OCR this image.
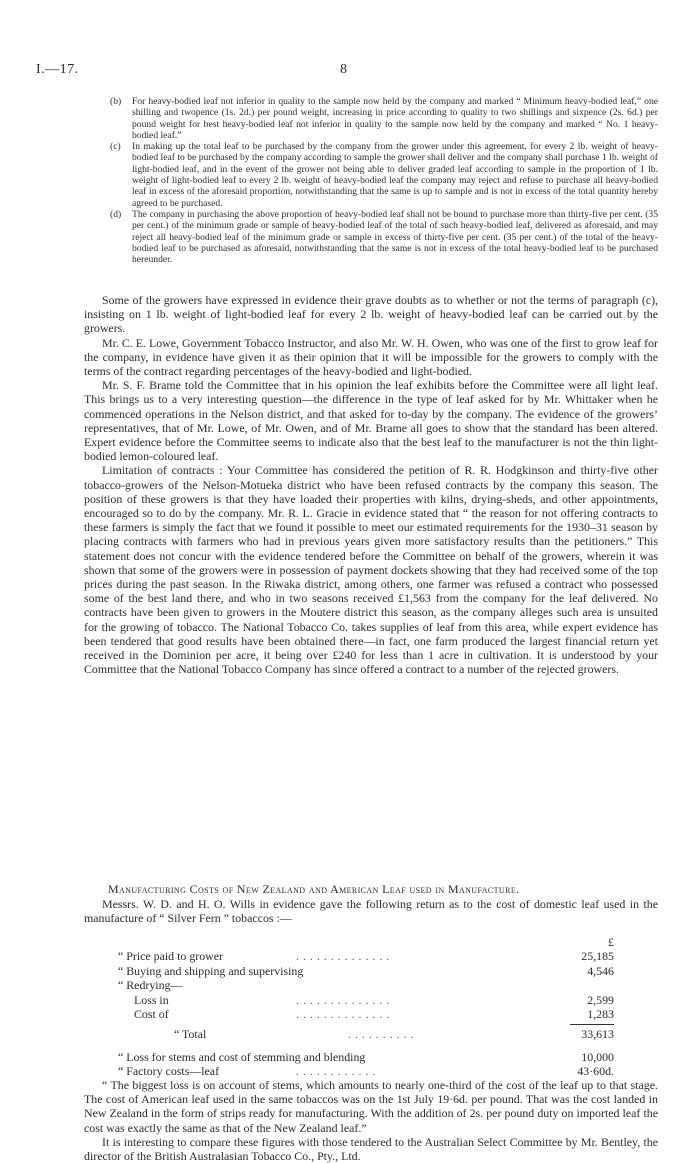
I.—17.	8

(b) For heavy-bodied leaf not inferior in quality to the sample now held by the company and marked “ Minimum heavy-bodied leaf,” one shilling and twopence (1s. 2d.) per pound weight, increasing in price according to quality to two shillings and sixpence (2s. 6d.) per pound weight for best heavy-bodied leaf not inferior in quality to the sample now held by the company and marked “ No. 1 heavy-bodied leaf.”

(c) In making up the total leaf to be purchased by the company from the grower under this agreement, for every 2 lb. weight of heavy-bodied leaf to be purchased by the company according to sample the grower shall deliver and the company shall purchase 1 lb. weight of light-bodied leaf, and in the event of the grower not being able to deliver graded leaf according to sample in the proportion of 1 lb. weight of light-bodied leaf to every 2 lb. weight of heavy-bodied leaf the company may reject and refuse to purchase all heavy-bodied leaf in excess of the aforesaid proportion, notwithstanding that the same is up to sample and is not in excess of the total quantity hereby agreed to be purchased.

(d) The company in purchasing the above proportion of heavy-bodied leaf shall not be bound to purchase more than thirty-five per cent. (35 per cent.) of the minimum grade or sample of heavy-bodied leaf of the total of such heavy-bodied leaf, delivered as aforesaid, and may reject all heavy-bodied leaf of the minimum grade or sample in excess of thirty-five per cent. (35 per cent.) of the total of the heavy-bodied leaf to be purchased as aforesaid, notwithstanding that the same is not in excess of the total heavy-bodied leaf to be purchased hereunder.

Some of the growers have expressed in evidence their grave doubts as to whether or not the terms of paragraph (c), insisting on 1 lb. weight of light-bodied leaf for every 2 lb. weight of heavy-bodied leaf can be carried out by the growers.

Mr. C. E. Lowe, Government Tobacco Instructor, and also Mr. W. H. Owen, who was one of the first to grow leaf for the company, in evidence have given it as their opinion that it will be impossible for the growers to comply with the terms of the contract regarding percentages of the heavy-bodied and light-bodied.

Mr. S. F. Brame told the Committee that in his opinion the leaf exhibits before the Committee were all light leaf. This brings us to a very interesting question—the difference in the type of leaf asked for by Mr. Whittaker when he commenced operations in the Nelson district, and that asked for to-day by the company. The evidence of the growers’ representatives, that of Mr. Lowe, of Mr. Owen, and of Mr. Brame all goes to show that the standard has been altered. Expert evidence before the Committee seems to indicate also that the best leaf to the manufacturer is not the thin light-bodied lemon-coloured leaf.

Limitation of contracts : Your Committee has considered the petition of R. R. Hodgkinson and thirty-five other tobacco-growers of the Nelson-Motueka district who have been refused contracts by the company this season. The position of these growers is that they have loaded their properties with kilns, drying-sheds, and other appointments, encouraged so to do by the company. Mr. R. L. Gracie in evidence stated that “ the reason for not offering contracts to these farmers is simply the fact that we found it possible to meet our estimated requirements for the 1930–31 season by placing contracts with farmers who had in previous years given more satisfactory results than the petitioners.” This statement does not concur with the evidence tendered before the Committee on behalf of the growers, wherein it was shown that some of the growers were in possession of payment dockets showing that they had received some of the top prices during the past season. In the Riwaka district, among others, one farmer was refused a contract who possessed some of the best land there, and who in two seasons received £1,563 from the company for the leaf delivered. No contracts have been given to growers in the Moutere district this season, as the company alleges such area is unsuited for the growing of tobacco. The National Tobacco Co. takes supplies of leaf from this area, while expert evidence has been tendered that good results have been obtained there—in fact, one farm produced the largest financial return yet received in the Dominion per acre, it being over £240 for less than 1 acre in cultivation. It is understood by your Committee that the National Tobacco Company has since offered a contract to a number of the rejected growers.

Manufacturing Costs of New Zealand and American Leaf used in Manufacture.

Messrs. W. D. and H. O. Wills in evidence gave the following return as to the cost of domestic leaf used in the manufacture of “ Silver Fern ” tobaccos :—

£
“ Price paid to grower	. . . . . . . . . . . . . .	25,185
“ Buying and shipping and supervising	4,546
“ Redrying—
Loss in	. . . . . . . . . . . . . .	2,599
Cost of	. . . . . . . . . . . . . .	1,283
“ Total	. . . . . . . . . .	33,613
“ Loss for stems and cost of stemming and blending	10,000
“ Factory costs—leaf	. . . . . . . . . . . .	43·60d.

“ The biggest loss is on account of stems, which amounts to nearly one-third of the cost of the leaf up to that stage. The cost of American leaf used in the same tobaccos was on the 1st July 19·6d. per pound. That was the cost landed in New Zealand in the form of strips ready for manufacturing. With the addition of 2s. per pound duty on imported leaf the cost was exactly the same as that of the New Zealand leaf.”

It is interesting to compare these figures with those tendered to the Australian Select Committee by Mr. Bentley, the director of the British Australasian Tobacco Co., Pty., Ltd.
